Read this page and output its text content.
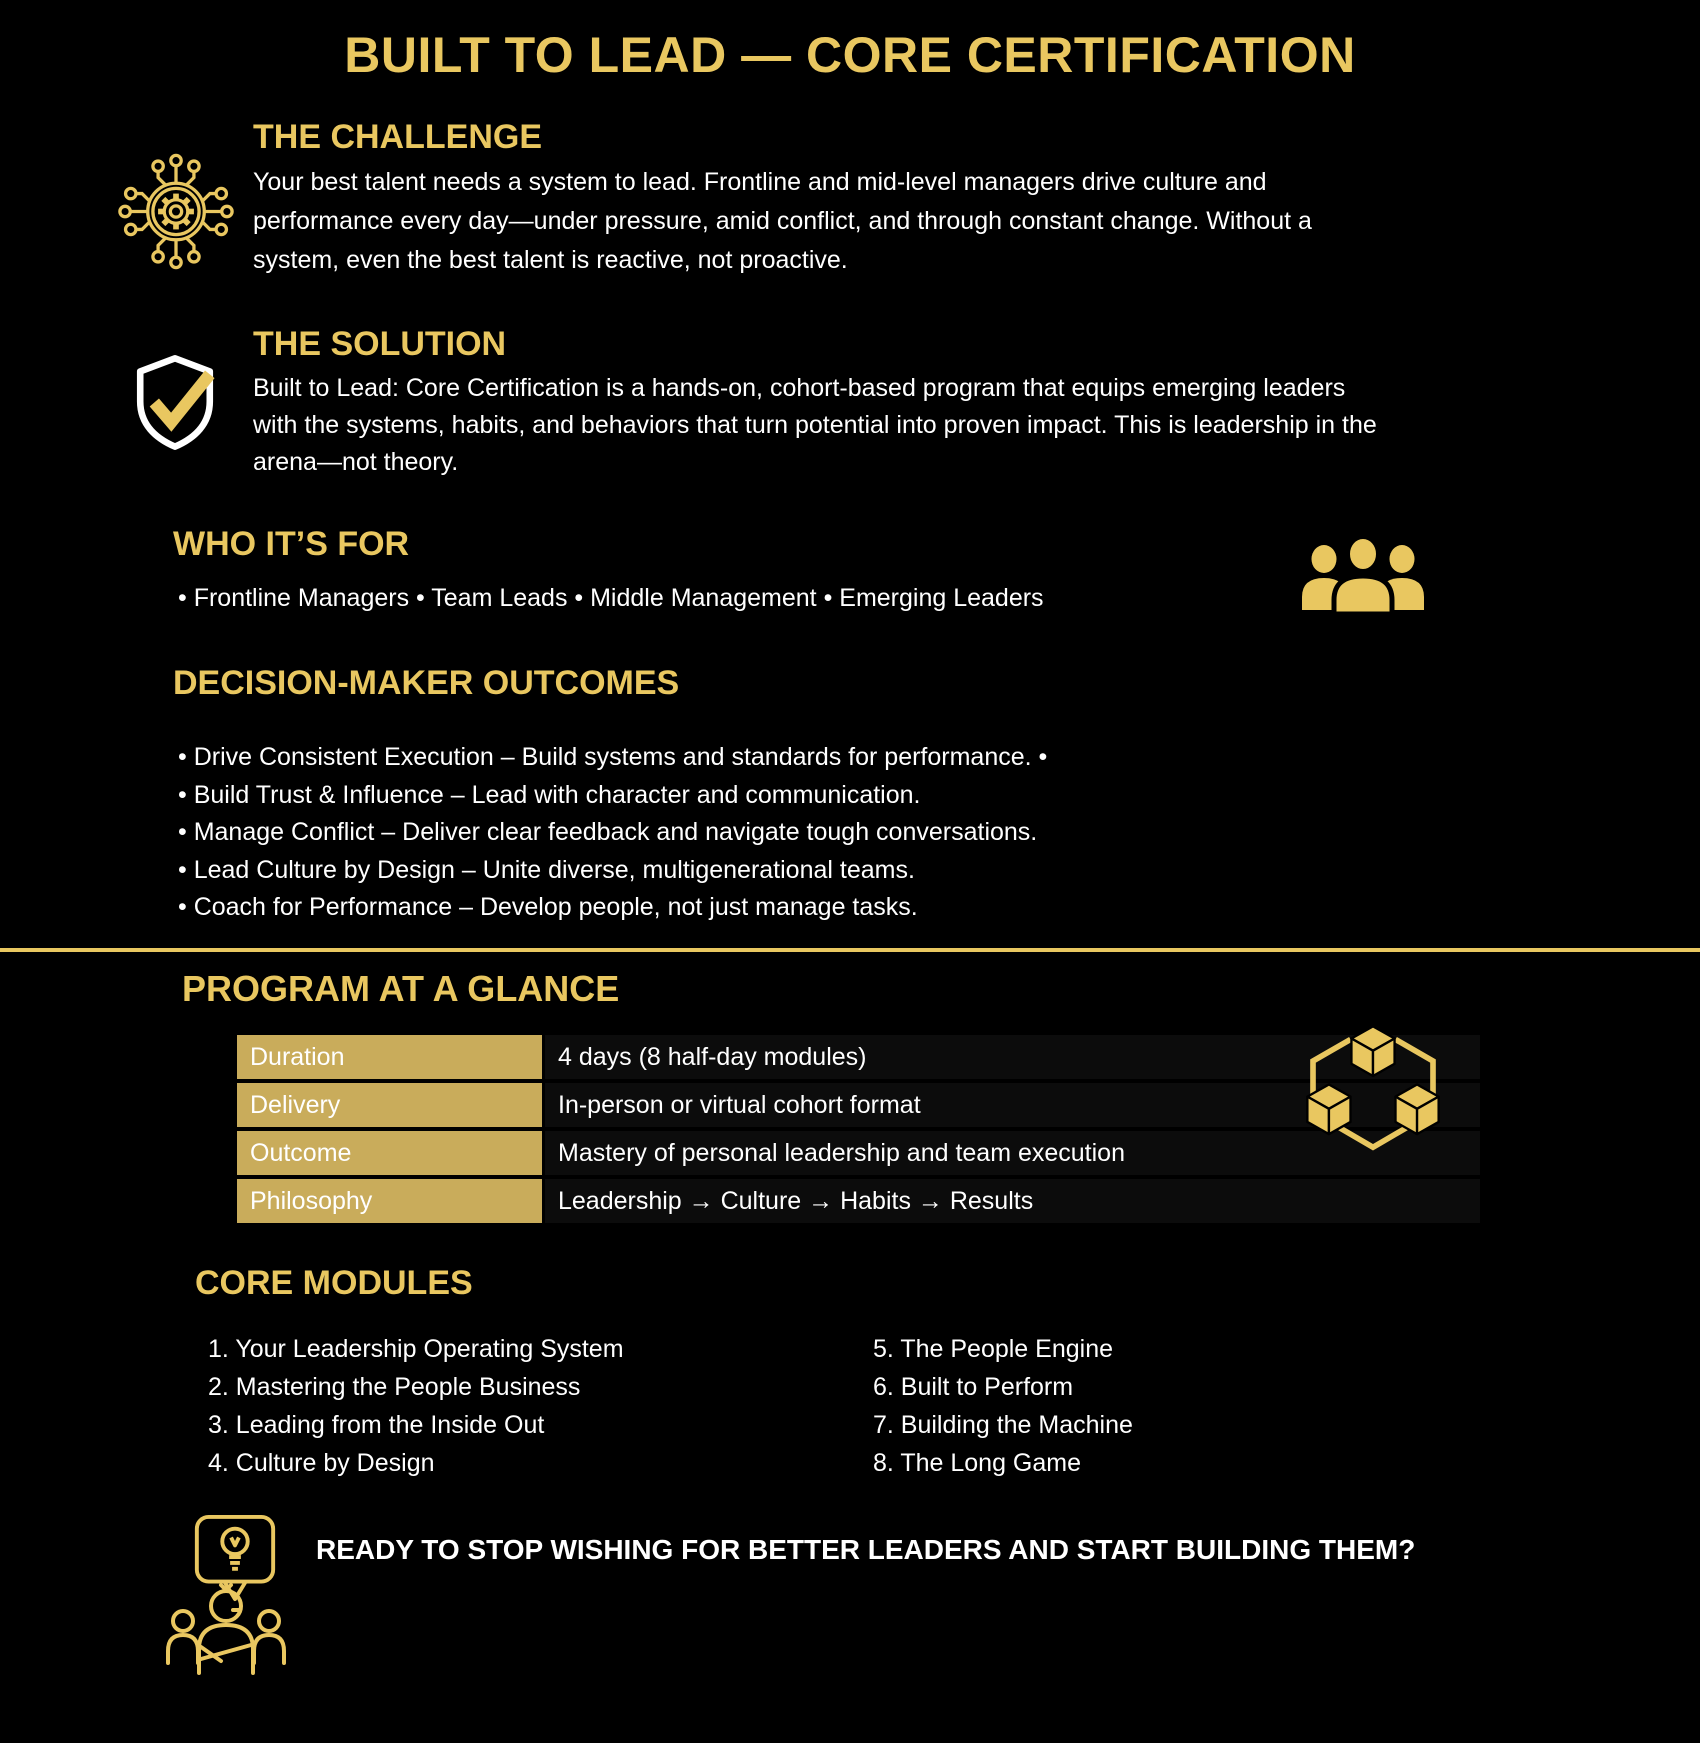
BUILT TO LEAD — CORE CERTIFICATION
THE CHALLENGE
Your best talent needs a system to lead. Frontline and mid-level managers drive culture and
performance every day—under pressure, amid conflict, and through constant change. Without a
system, even the best talent is reactive, not proactive.
THE SOLUTION
Built to Lead: Core Certification is a hands-on, cohort-based program that equips emerging leaders
with the systems, habits, and behaviors that turn potential into proven impact. This is leadership in the
arena—not theory.
WHO IT’S FOR
• Frontline Managers • Team Leads • Middle Management • Emerging Leaders
DECISION-MAKER OUTCOMES
• Drive Consistent Execution – Build systems and standards for performance. •
• Build Trust & Influence – Lead with character and communication.
• Manage Conflict – Deliver clear feedback and navigate tough conversations.
• Lead Culture by Design – Unite diverse, multigenerational teams.
• Coach for Performance – Develop people, not just manage tasks.
PROGRAM AT A GLANCE
Duration	4 days (8 half-day modules)
Delivery	In-person or virtual cohort format
Outcome	Mastery of personal leadership and team execution
Philosophy	Leadership → Culture → Habits → Results
CORE MODULES
1. Your Leadership Operating System
2. Mastering the People Business
3. Leading from the Inside Out
4. Culture by Design
5. The People Engine
6. Built to Perform
7. Building the Machine
8. The Long Game
READY TO STOP WISHING FOR BETTER LEADERS AND START BUILDING THEM?
